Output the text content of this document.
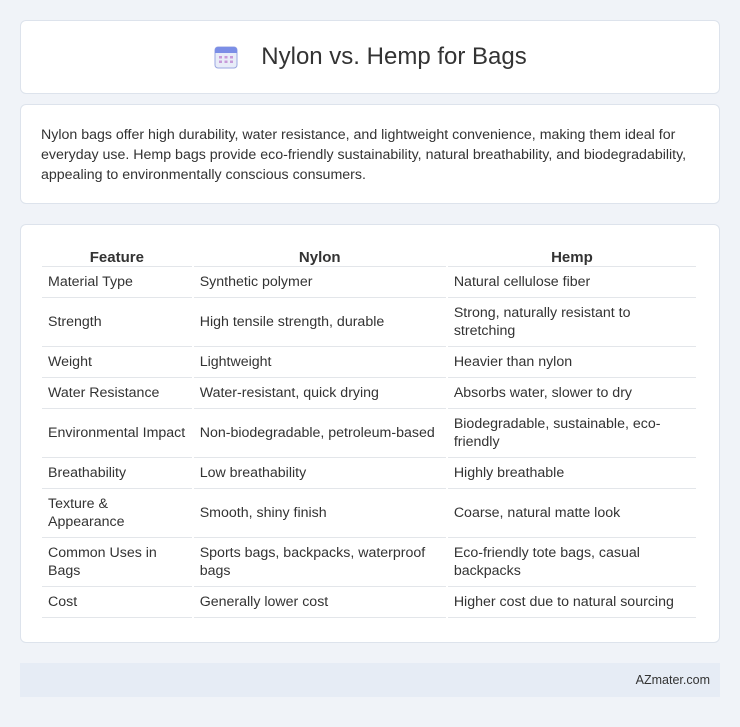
Nylon vs. Hemp for Bags

Nylon bags offer high durability, water resistance, and lightweight convenience, making them ideal for everyday use. Hemp bags provide eco-friendly sustainability, natural breathability, and biodegradability, appealing to environmentally conscious consumers.

Feature	Nylon	Hemp
Material Type	Synthetic polymer	Natural cellulose fiber
Strength	High tensile strength, durable	Strong, naturally resistant to stretching
Weight	Lightweight	Heavier than nylon
Water Resistance	Water-resistant, quick drying	Absorbs water, slower to dry
Environmental Impact	Non-biodegradable, petroleum-based	Biodegradable, sustainable, eco-friendly
Breathability	Low breathability	Highly breathable
Texture & Appearance	Smooth, shiny finish	Coarse, natural matte look
Common Uses in Bags	Sports bags, backpacks, waterproof bags	Eco-friendly tote bags, casual backpacks
Cost	Generally lower cost	Higher cost due to natural sourcing
AZmater.com
